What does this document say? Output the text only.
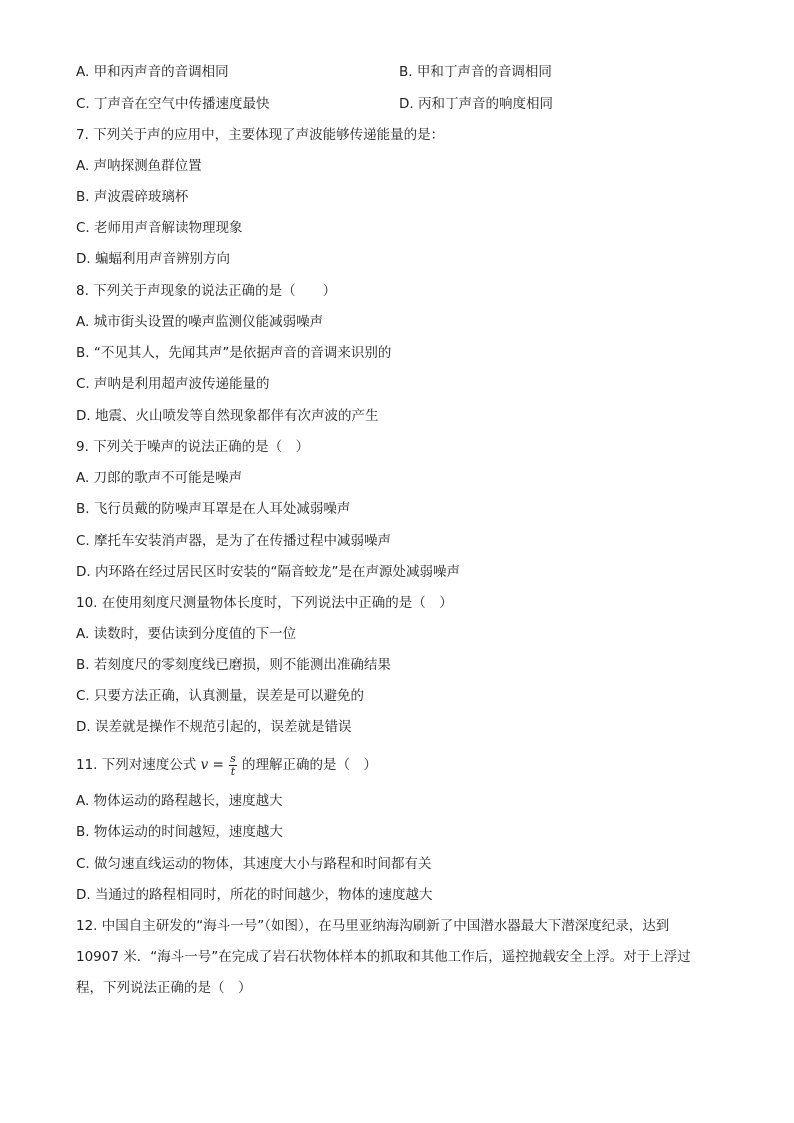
A. 甲和丙声音的音调相同	B. 甲和丁声音的音调相同
C. 丁声音在空气中传播速度最快	D. 丙和丁声音的响度相同
7. 下列关于声的应用中，主要体现了声波能够传递能量的是：
A. 声呐探测鱼群位置
B. 声波震碎玻璃杯
C. 老师用声音解读物理现象
D. 蝙蝠利用声音辨别方向
8. 下列关于声现象的说法正确的是（　　）
A. 城市街头设置的噪声监测仪能减弱噪声
B. “不见其人，先闻其声”是依据声音的音调来识别的
C. 声呐是利用超声波传递能量的
D. 地震、火山喷发等自然现象都伴有次声波的产生
9. 下列关于噪声的说法正确的是（　）
A. 刀郎的歌声不可能是噪声
B. 飞行员戴的防噪声耳罩是在人耳处减弱噪声
C. 摩托车安装消声器，是为了在传播过程中减弱噪声
D. 内环路在经过居民区时安装的“隔音蛟龙”是在声源处减弱噪声
10. 在使用刻度尺测量物体长度时，下列说法中正确的是（　）
A. 读数时，要估读到分度值的下一位
B. 若刻度尺的零刻度线已磨损，则不能测出准确结果
C. 只要方法正确，认真测量，误差是可以避免的
D. 误差就是操作不规范引起的，误差就是错误
11. 下列对速度公式 $v = \frac{s}{t}$ 的理解正确的是（　）
A. 物体运动的路程越长，速度越大
B. 物体运动的时间越短，速度越大
C. 做匀速直线运动的物体，其速度大小与路程和时间都有关
D. 当通过的路程相同时，所花的时间越少，物体的速度越大
12. 中国自主研发的“海斗一号”（如图），在马里亚纳海沟刷新了中国潜水器最大下潜深度纪录，达到
10907 米．“海斗一号”在完成了岩石状物体样本的抓取和其他工作后，遥控抛载安全上浮。对于上浮过
程，下列说法正确的是（　）
